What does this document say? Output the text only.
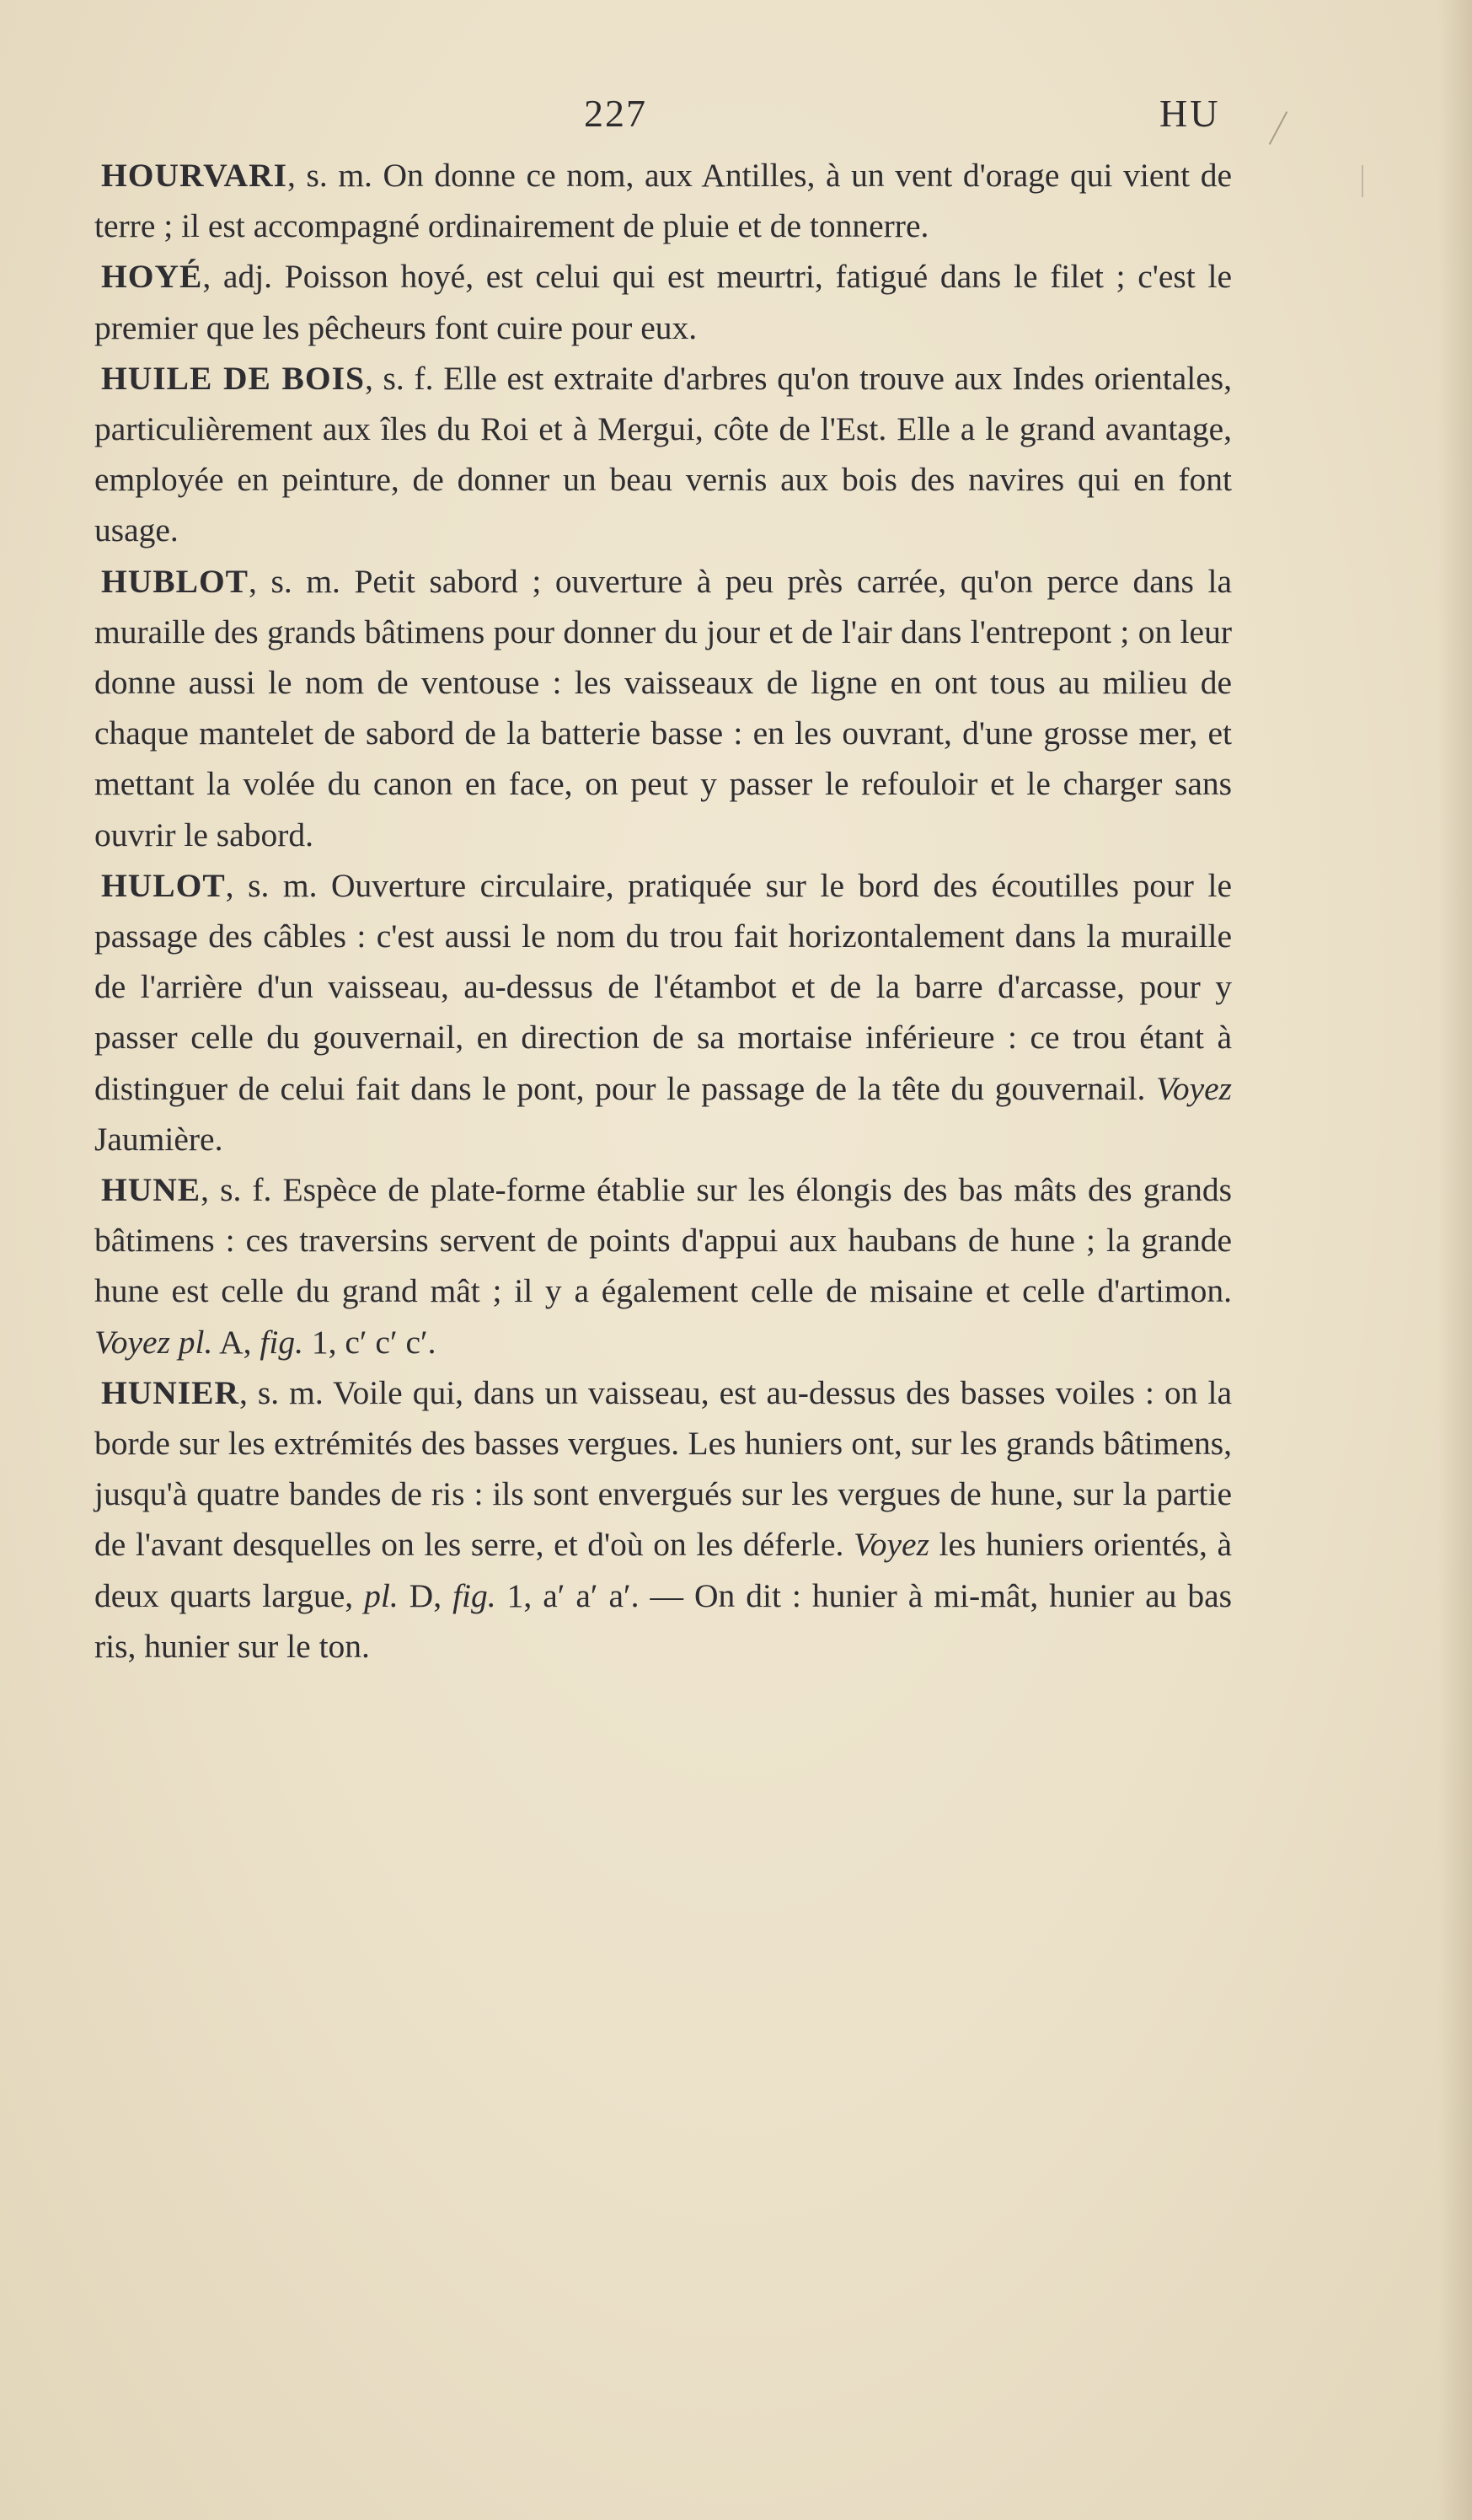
227	HU

HOURVARI, s. m. On donne ce nom, aux Antilles, à un vent d'orage qui vient de terre ; il est accompagné ordinairement de pluie et de tonnerre.

HOYÉ, adj. Poisson hoyé, est celui qui est meurtri, fatigué dans le filet ; c'est le premier que les pêcheurs font cuire pour eux.

HUILE DE BOIS, s. f. Elle est extraite d'arbres qu'on trouve aux Indes orientales, particulièrement aux îles du Roi et à Mergui, côte de l'Est. Elle a le grand avantage, employée en peinture, de donner un beau vernis aux bois des navires qui en font usage.

HUBLOT, s. m. Petit sabord ; ouverture à peu près carrée, qu'on perce dans la muraille des grands bâtimens pour donner du jour et de l'air dans l'entrepont ; on leur donne aussi le nom de ventouse : les vaisseaux de ligne en ont tous au milieu de chaque mantelet de sabord de la batterie basse : en les ouvrant, d'une grosse mer, et mettant la volée du canon en face, on peut y passer le refouloir et le charger sans ouvrir le sabord.

HULOT, s. m. Ouverture circulaire, pratiquée sur le bord des écoutilles pour le passage des câbles : c'est aussi le nom du trou fait horizontalement dans la muraille de l'arrière d'un vaisseau, au-dessus de l'étambot et de la barre d'arcasse, pour y passer celle du gouvernail, en direction de sa mortaise inférieure : ce trou étant à distinguer de celui fait dans le pont, pour le passage de la tête du gouvernail. Voyez Jaumière.

HUNE, s. f. Espèce de plate-forme établie sur les élongis des bas mâts des grands bâtimens : ces traversins servent de points d'appui aux haubans de hune ; la grande hune est celle du grand mât ; il y a également celle de misaine et celle d'artimon. Voyez pl. A, fig. 1, c′ c′ c′.

HUNIER, s. m. Voile qui, dans un vaisseau, est au-dessus des basses voiles : on la borde sur les extrémités des basses vergues. Les huniers ont, sur les grands bâtimens, jusqu'à quatre bandes de ris : ils sont envergués sur les vergues de hune, sur la partie de l'avant desquelles on les serre, et d'où on les déferle. Voyez les huniers orientés, à deux quarts largue, pl. D, fig. 1, a′ a′ a′. — On dit : hunier à mi-mât, hunier au bas ris, hunier sur le ton.
